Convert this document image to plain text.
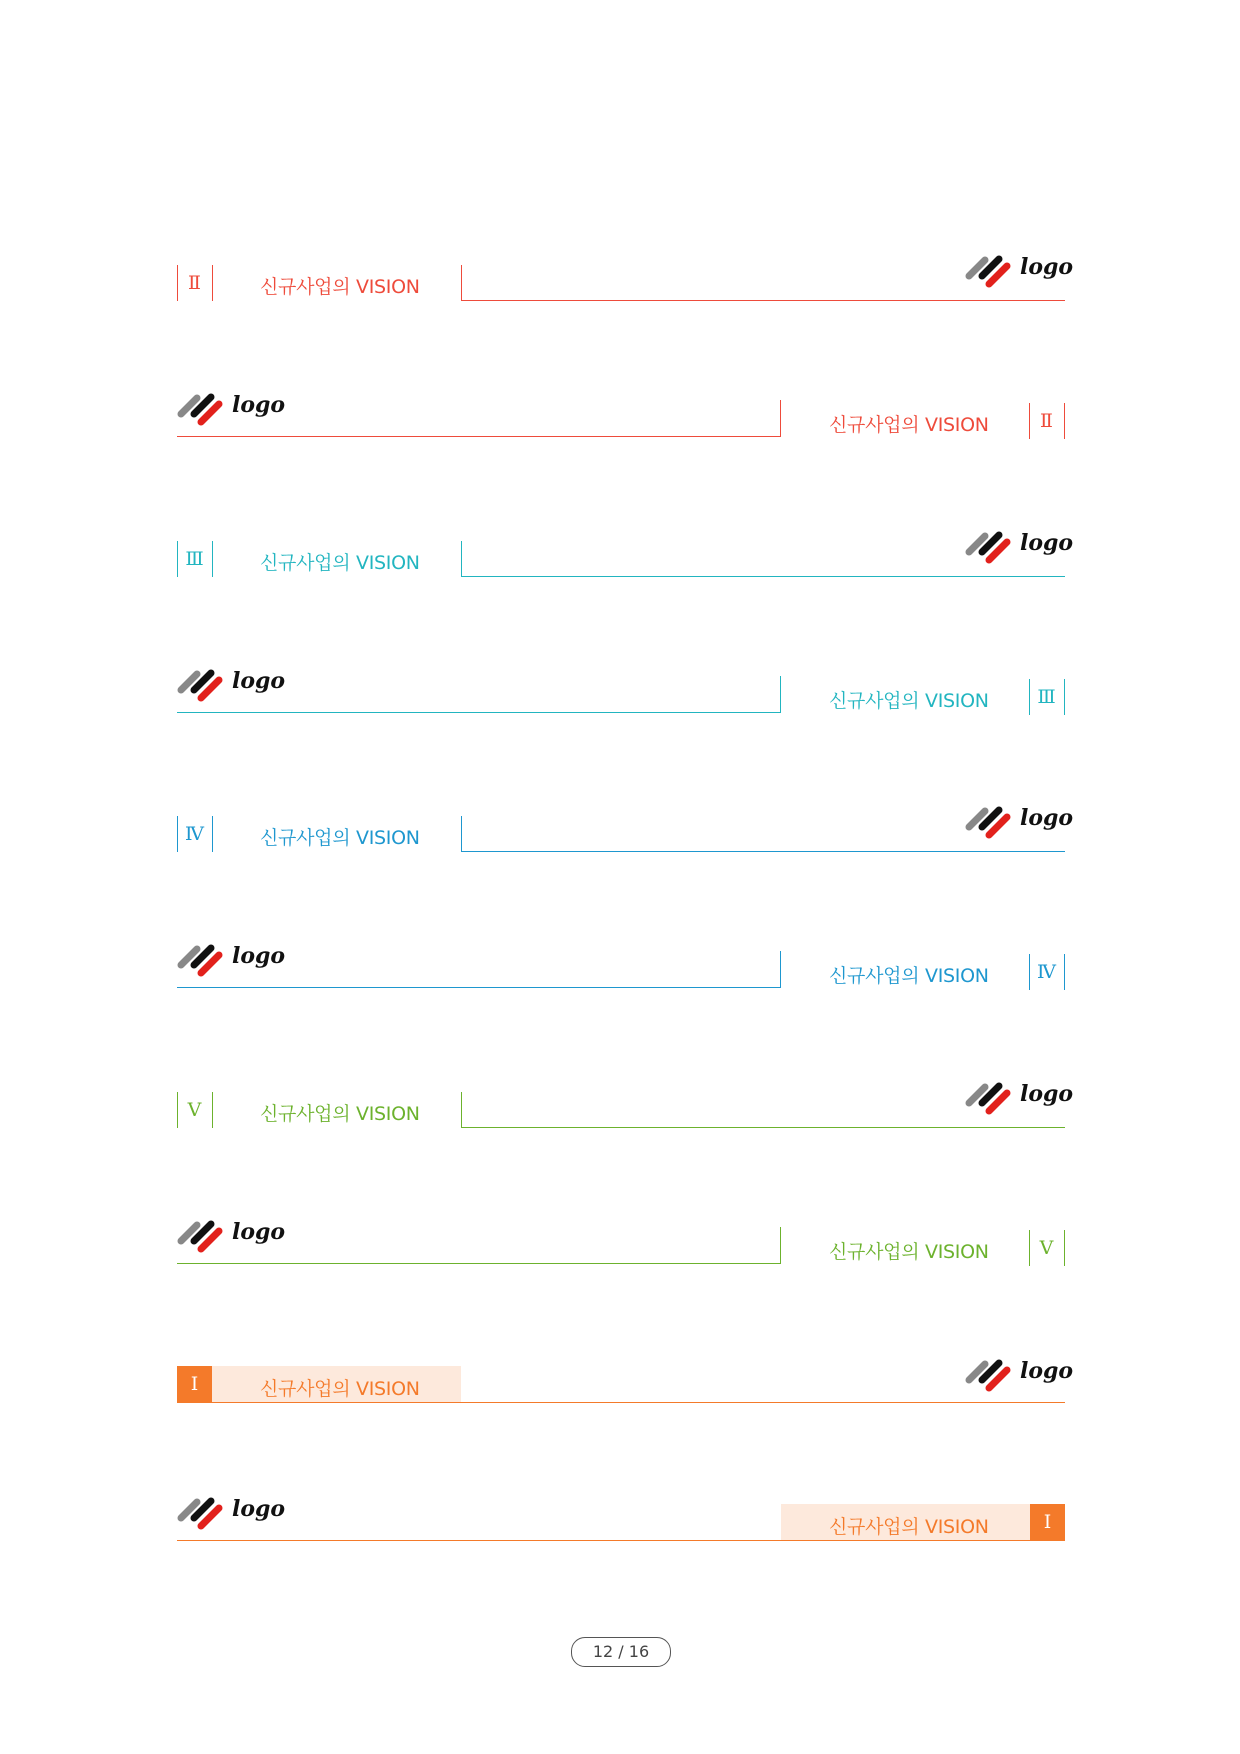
Ⅱ	신규사업의 VISION
logo
logo
신규사업의 VISION	Ⅱ
Ⅲ	신규사업의 VISION
logo
logo
신규사업의 VISION	Ⅲ
Ⅳ	신규사업의 VISION
logo
logo
신규사업의 VISION	Ⅳ
Ⅴ	신규사업의 VISION
logo
logo
신규사업의 VISION	Ⅴ
Ⅰ	신규사업의 VISION
logo
logo
신규사업의 VISION	Ⅰ
12 / 16
